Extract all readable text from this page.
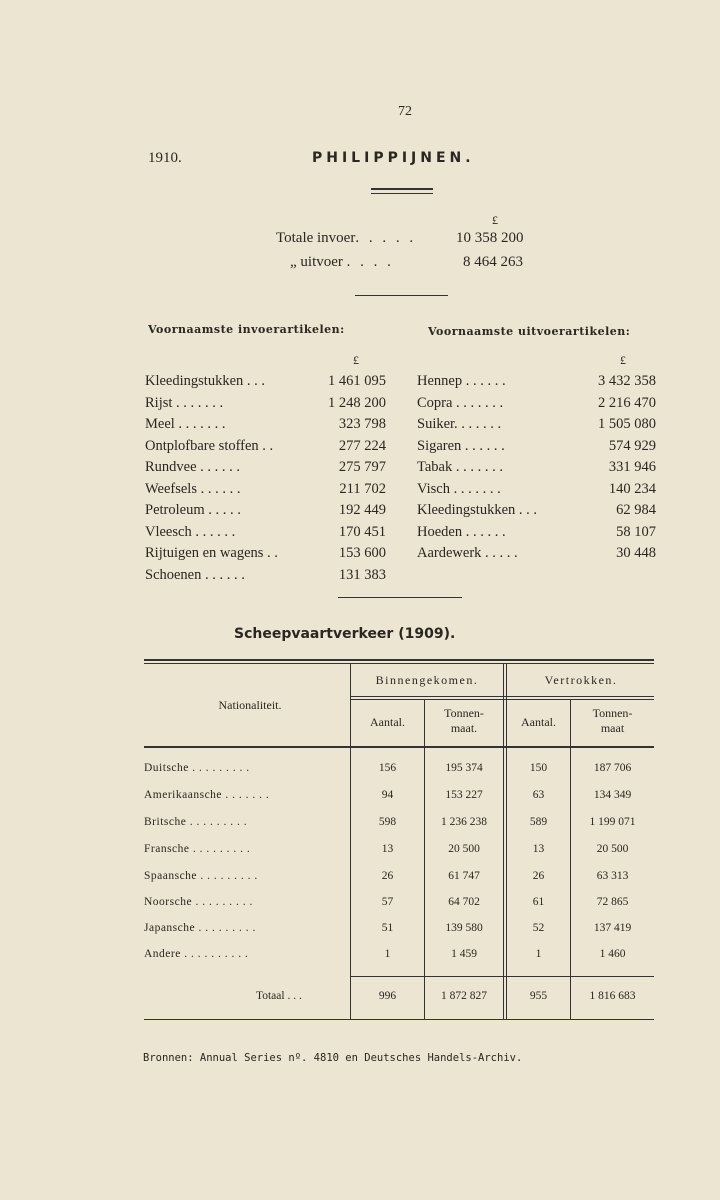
72
1910.	PHILIPPIJNEN.
£
Totale invoer. . . . .	10 358 200
„ uitvoer . . . .	8 464 263
Voornaamste invoerartikelen:	Voornaamste uitvoerartikelen:
£	£
Kleedingstukken . . .	1 461 095
Rijst . . . . . . .	1 248 200
Meel . . . . . . .	323 798
Ontplofbare stoffen . .	277 224
Rundvee . . . . . .	275 797
Weefsels . . . . . .	211 702
Petroleum . . . . .	192 449
Vleesch . . . . . .	170 451
Rijtuigen en wagens . .	153 600
Schoenen . . . . . .	131 383
Hennep . . . . . .	3 432 358
Copra . . . . . . .	2 216 470
Suiker. . . . . . .	1 505 080
Sigaren . . . . . .	574 929
Tabak . . . . . . .	331 946
Visch . . . . . . .	140 234
Kleedingstukken . . .	62 984
Hoeden . . . . . .	58 107
Aardewerk . . . . .	30 448
Scheepvaartverkeer (1909).
Nationaliteit.
Binnengekomen.	Vertrokken.
Aantal.
Tonnen-
maat.	Aantal.
Tonnen-
maat
Duitsche . . . . . . . . .	156	195 374	150	187 706
Amerikaansche . . . . . . .	94	153 227	63	134 349
Britsche . . . . . . . . .	598	1 236 238	589	1 199 071
Fransche . . . . . . . . .	13	20 500	13	20 500
Spaansche . . . . . . . . .	26	61 747	26	63 313
Noorsche . . . . . . . . .	57	64 702	61	72 865
Japansche . . . . . . . . .	51	139 580	52	137 419
Andere . . . . . . . . . .	1	1 459	1	1 460
Totaal . . .	996	1 872 827	955	1 816 683
Bronnen: Annual Series nº. 4810 en Deutsches Handels-Archiv.
